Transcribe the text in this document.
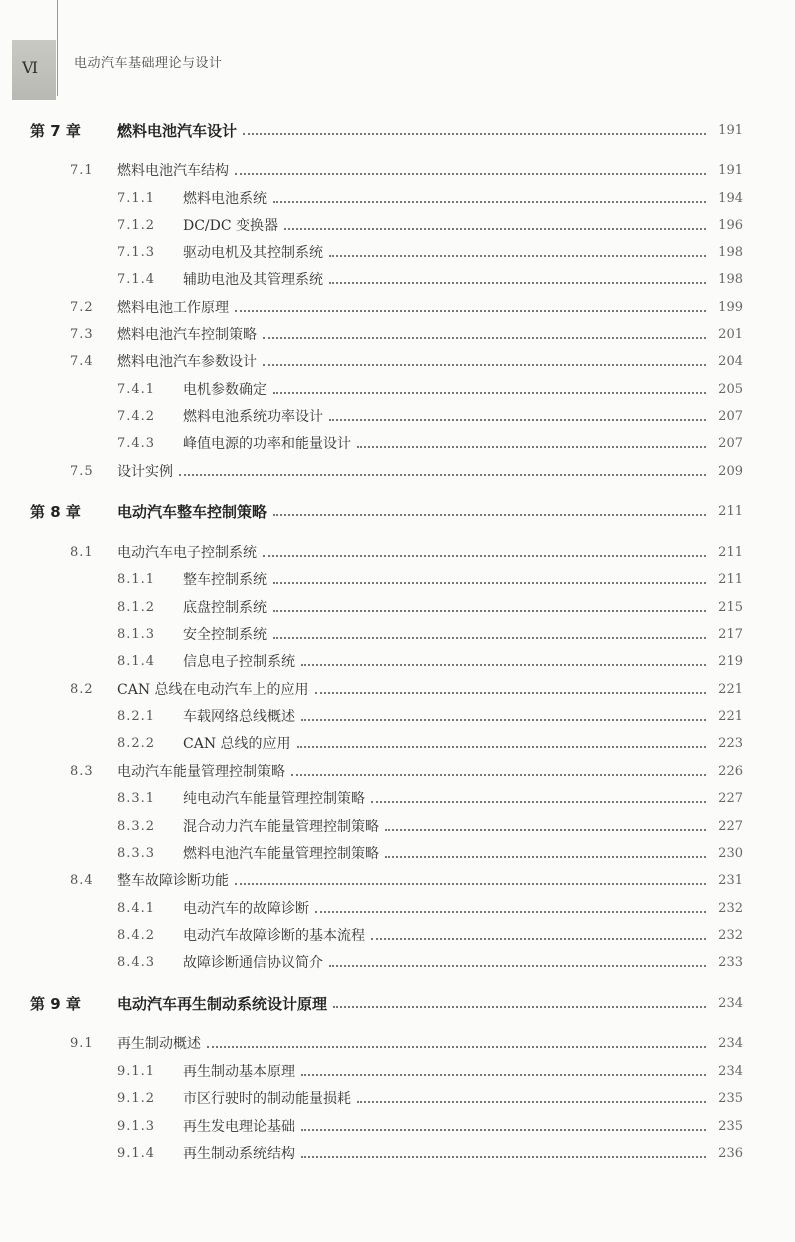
Ⅵ	电动汽车基础理论与设计
第 7 章 燃料电池汽车设计	191
7.1 燃料电池汽车结构	191
7.1.1 燃料电池系统	194
7.1.2 DC/DC 变换器	196
7.1.3 驱动电机及其控制系统	198
7.1.4 辅助电池及其管理系统	198
7.2 燃料电池工作原理	199
7.3 燃料电池汽车控制策略	201
7.4 燃料电池汽车参数设计	204
7.4.1 电机参数确定	205
7.4.2 燃料电池系统功率设计	207
7.4.3 峰值电源的功率和能量设计	207
7.5 设计实例	209
第 8 章 电动汽车整车控制策略	211
8.1 电动汽车电子控制系统	211
8.1.1 整车控制系统	211
8.1.2 底盘控制系统	215
8.1.3 安全控制系统	217
8.1.4 信息电子控制系统	219
8.2 CAN 总线在电动汽车上的应用	221
8.2.1 车载网络总线概述	221
8.2.2 CAN 总线的应用	223
8.3 电动汽车能量管理控制策略	226
8.3.1 纯电动汽车能量管理控制策略	227
8.3.2 混合动力汽车能量管理控制策略	227
8.3.3 燃料电池汽车能量管理控制策略	230
8.4 整车故障诊断功能	231
8.4.1 电动汽车的故障诊断	232
8.4.2 电动汽车故障诊断的基本流程	232
8.4.3 故障诊断通信协议简介	233
第 9 章 电动汽车再生制动系统设计原理	234
9.1 再生制动概述	234
9.1.1 再生制动基本原理	234
9.1.2 市区行驶时的制动能量损耗	235
9.1.3 再生发电理论基础	235
9.1.4 再生制动系统结构	236
